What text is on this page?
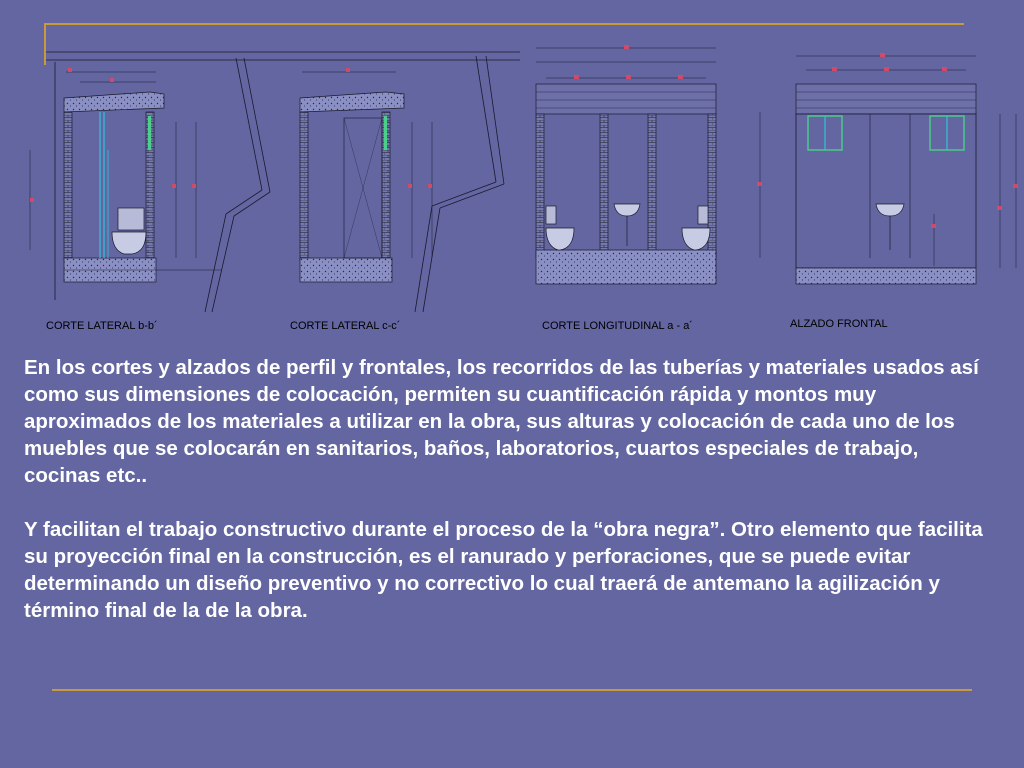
CORTE LATERAL b-b´	CORTE LATERAL c-c´	CORTE LONGITUDINAL a - a´	ALZADO FRONTAL

En los cortes y alzados de perfil y frontales, los recorridos de las tuberías y materiales usados así como sus dimensiones de colocación, permiten su cuantificación rápida y montos muy aproximados de los materiales a utilizar en la obra, sus alturas y colocación de cada uno de los muebles que se colocarán en sanitarios, baños, laboratorios, cuartos especiales de trabajo, cocinas etc..

Y facilitan el trabajo constructivo durante el proceso de la “obra negra”. Otro elemento que facilita su proyección final en la construcción, es el ranurado y perforaciones, que se puede evitar determinando un diseño preventivo y no correctivo lo cual traerá de antemano la agilización y término final de la de la obra.
